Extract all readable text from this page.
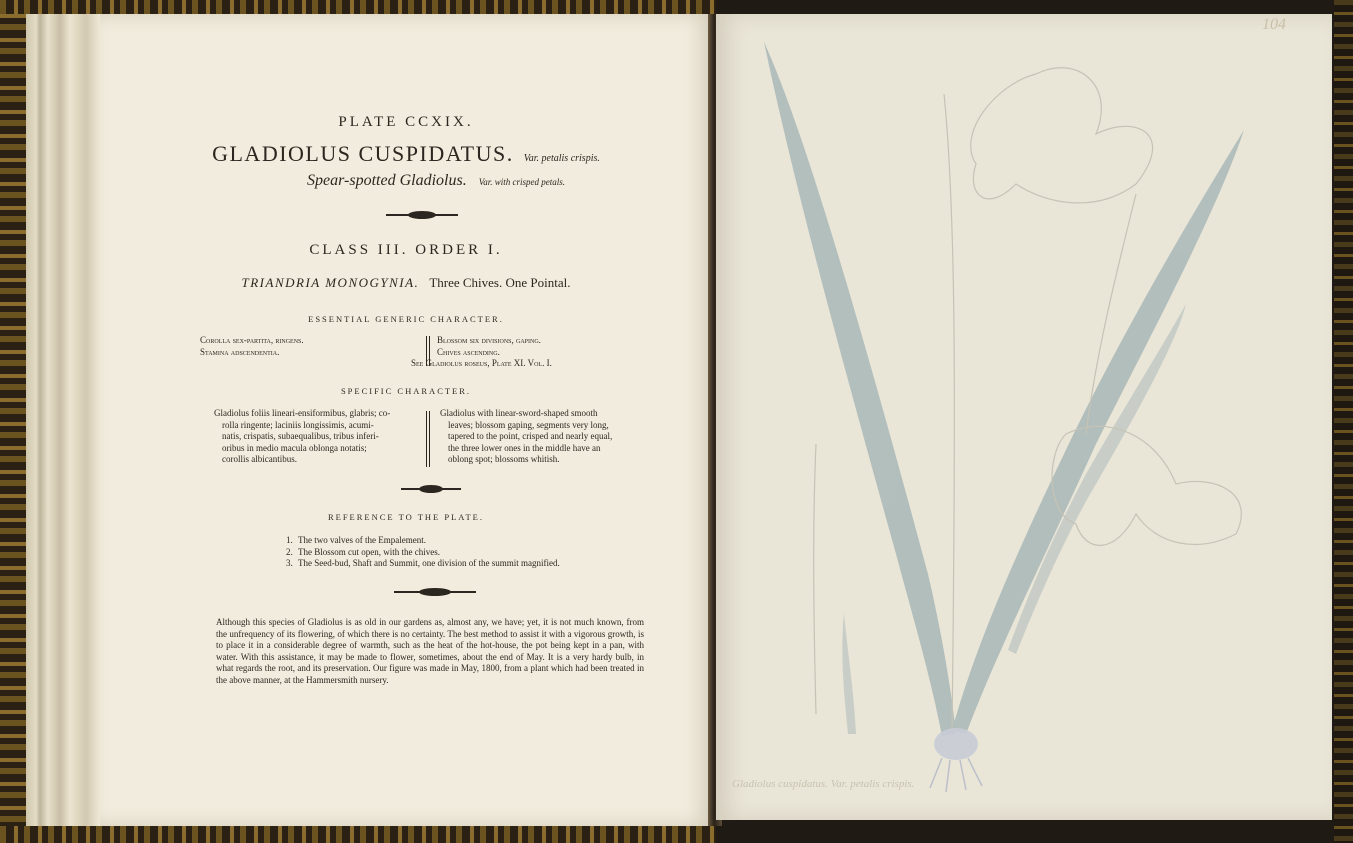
PLATE CCXIX.
GLADIOLUS CUSPIDATUS. Var. petalis crispis.
Spear-spotted Gladiolus. Var. with crisped petals.
CLASS III. ORDER I.
TRIANDRIA MONOGYNIA. Three Chives. One Pointal.
ESSENTIAL GENERIC CHARACTER.
Corolla sex-partita, ringens.
Stamina adscendentia.
Blossom six divisions, gaping.
Chives ascending.
See Gladiolus roseus, Plate XI. Vol. I.
SPECIFIC CHARACTER.
Gladiolus foliis lineari-ensiformibus, glabris; co-
rolla ringente; laciniis longissimis, acumi-
natis, crispatis, subaequalibus, tribus inferi-
oribus in medio macula oblonga notatis;
corollis albicantibus.
Gladiolus with linear-sword-shaped smooth
leaves; blossom gaping, segments very long,
tapered to the point, crisped and nearly equal,
the three lower ones in the middle have an
oblong spot; blossoms whitish.
REFERENCE TO THE PLATE.
1. The two valves of the Empalement.
2. The Blossom cut open, with the chives.
3. The Seed-bud, Shaft and Summit, one division of the summit magnified.
Although this species of Gladiolus is as old in our gardens as, almost any, we have; yet, it is not much known, from the unfrequency of its flowering, of which there is no certainty. The best method to assist it with a vigorous growth, is to place it in a considerable degree of warmth, such as the heat of the hot-house, the pot being kept in a pan, with water. With this assistance, it may be made to flower, sometimes, about the end of May. It is a very hardy bulb, in what regards the root, and its preservation. Our figure was made in May, 1800, from a plant which had been treated in the above manner, at the Hammersmith nursery.
104
Gladiolus cuspidatus. Var. petalis crispis.
